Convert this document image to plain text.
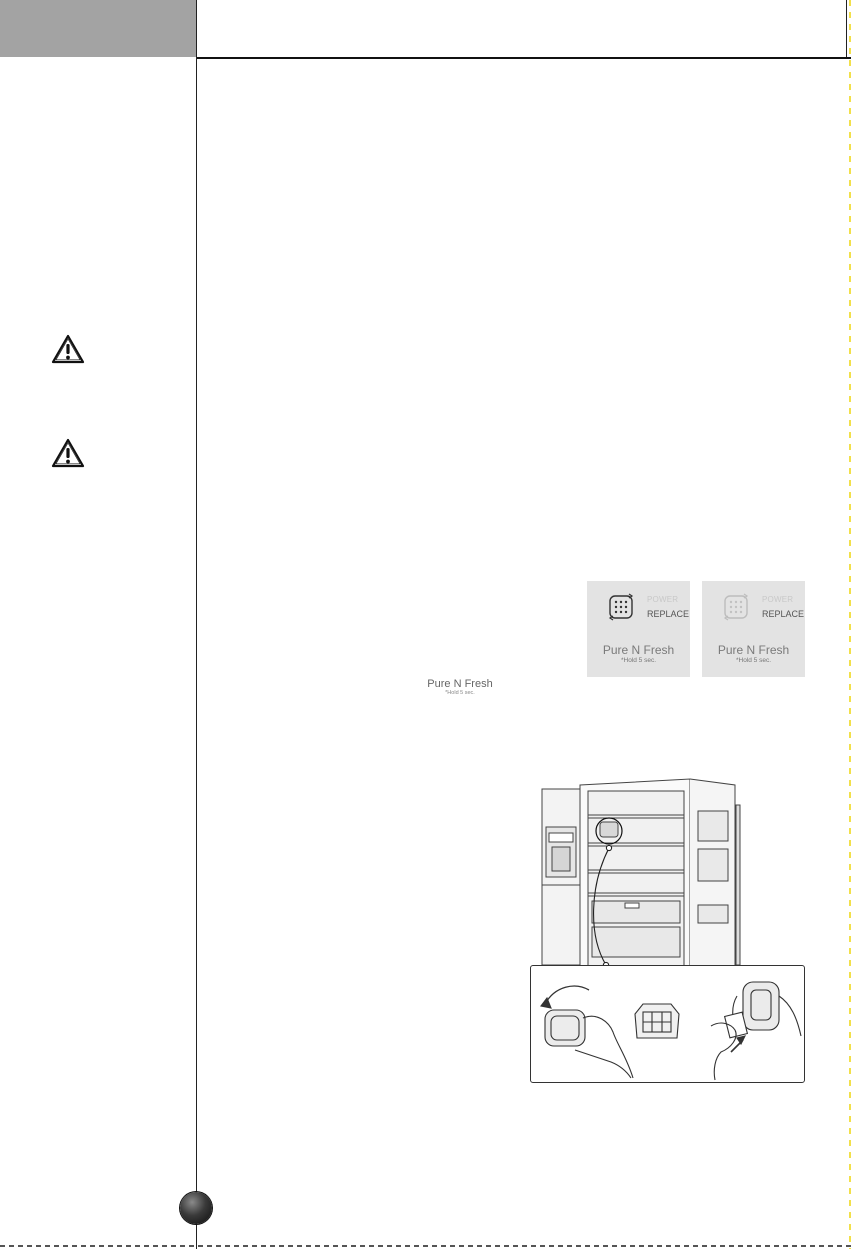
POWER
REPLACE
Pure N Fresh
*Hold 5 sec.
POWER
REPLACE
Pure N Fresh
*Hold 5 sec.
Pure N Fresh
*Hold 5 sec.
